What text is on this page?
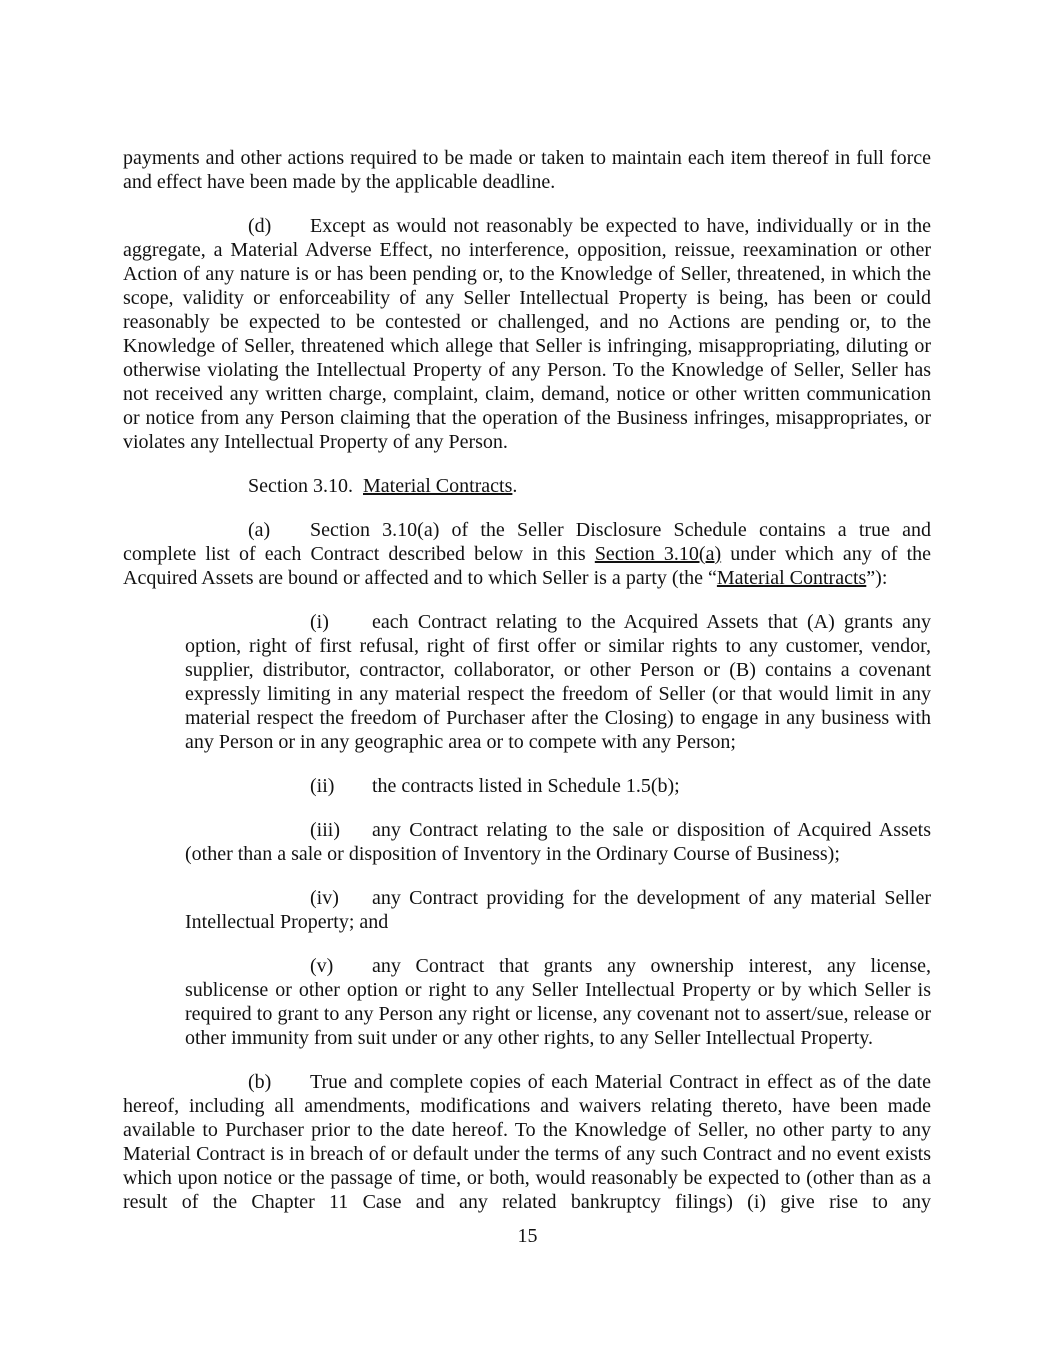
payments and other actions required to be made or taken to maintain each item thereof in full force and effect have been made by the applicable deadline.

(d) Except as would not reasonably be expected to have, individually or in the aggregate, a Material Adverse Effect, no interference, opposition, reissue, reexamination or other Action of any nature is or has been pending or, to the Knowledge of Seller, threatened, in which the scope, validity or enforceability of any Seller Intellectual Property is being, has been or could reasonably be expected to be contested or challenged, and no Actions are pending or, to the Knowledge of Seller, threatened which allege that Seller is infringing, misappropriating, diluting or otherwise violating the Intellectual Property of any Person. To the Knowledge of Seller, Seller has not received any written charge, complaint, claim, demand, notice or other written communication or notice from any Person claiming that the operation of the Business infringes, misappropriates, or violates any Intellectual Property of any Person.

Section 3.10. Material Contracts.

(a) Section 3.10(a) of the Seller Disclosure Schedule contains a true and complete list of each Contract described below in this Section 3.10(a) under which any of the Acquired Assets are bound or affected and to which Seller is a party (the “Material Contracts”):

(i) each Contract relating to the Acquired Assets that (A) grants any option, right of first refusal, right of first offer or similar rights to any customer, vendor, supplier, distributor, contractor, collaborator, or other Person or (B) contains a covenant expressly limiting in any material respect the freedom of Seller (or that would limit in any material respect the freedom of Purchaser after the Closing) to engage in any business with any Person or in any geographic area or to compete with any Person;

(ii) the contracts listed in Schedule 1.5(b);

(iii) any Contract relating to the sale or disposition of Acquired Assets (other than a sale or disposition of Inventory in the Ordinary Course of Business);

(iv) any Contract providing for the development of any material Seller Intellectual Property; and

(v) any Contract that grants any ownership interest, any license, sublicense or other option or right to any Seller Intellectual Property or by which Seller is required to grant to any Person any right or license, any covenant not to assert/sue, release or other immunity from suit under or any other rights, to any Seller Intellectual Property.

(b) True and complete copies of each Material Contract in effect as of the date hereof, including all amendments, modifications and waivers relating thereto, have been made available to Purchaser prior to the date hereof. To the Knowledge of Seller, no other party to any Material Contract is in breach of or default under the terms of any such Contract and no event exists which upon notice or the passage of time, or both, would reasonably be expected to (other than as a result of the Chapter 11 Case and any related bankruptcy filings) (i) give rise to any

15
